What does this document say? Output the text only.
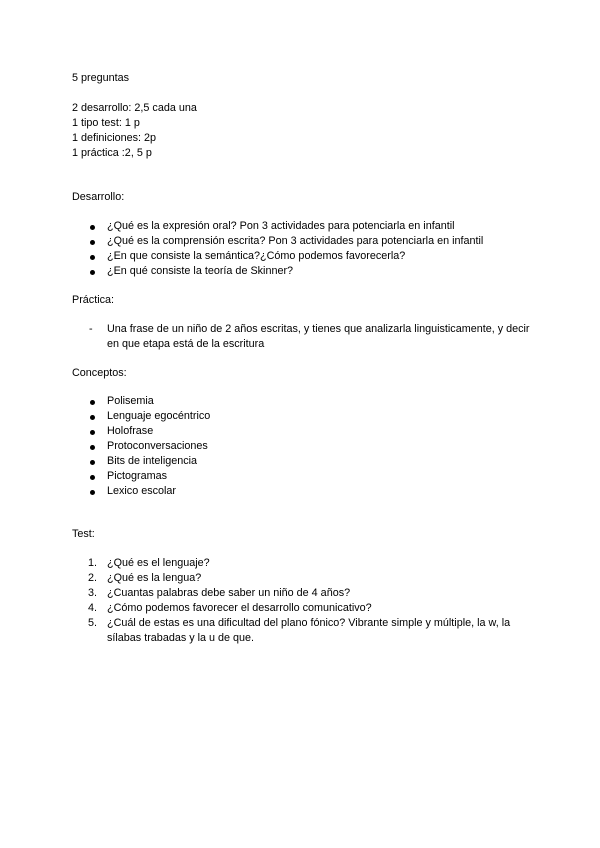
5 preguntas
2 desarrollo: 2,5 cada una
1 tipo test: 1 p
1 definiciones: 2p
1 práctica :2, 5 p
Desarrollo:
¿Qué es la expresión oral? Pon 3 actividades para potenciarla en infantil
¿Qué es la comprensión escrita? Pon 3 actividades para potenciarla en infantil
¿En que consiste la semántica?¿Cómo podemos favorecerla?
¿En qué consiste la teoría de Skinner?
Práctica:
-	Una frase de un niño de 2 años escritas, y tienes que analizarla linguisticamente, y decir en que etapa está de la escritura
Conceptos:
Polisemia
Lenguaje egocéntrico
Holofrase
Protoconversaciones
Bits de inteligencia
Pictogramas
Lexico escolar
Test:
1. ¿Qué es el lenguaje?
2. ¿Qué es la lengua?
3. ¿Cuantas palabras debe saber un niño de 4 años?
4. ¿Cómo podemos favorecer el desarrollo comunicativo?
5. ¿Cuál de estas es una dificultad del plano fónico? Vibrante simple y múltiple, la w, la sílabas trabadas y la u de que.
